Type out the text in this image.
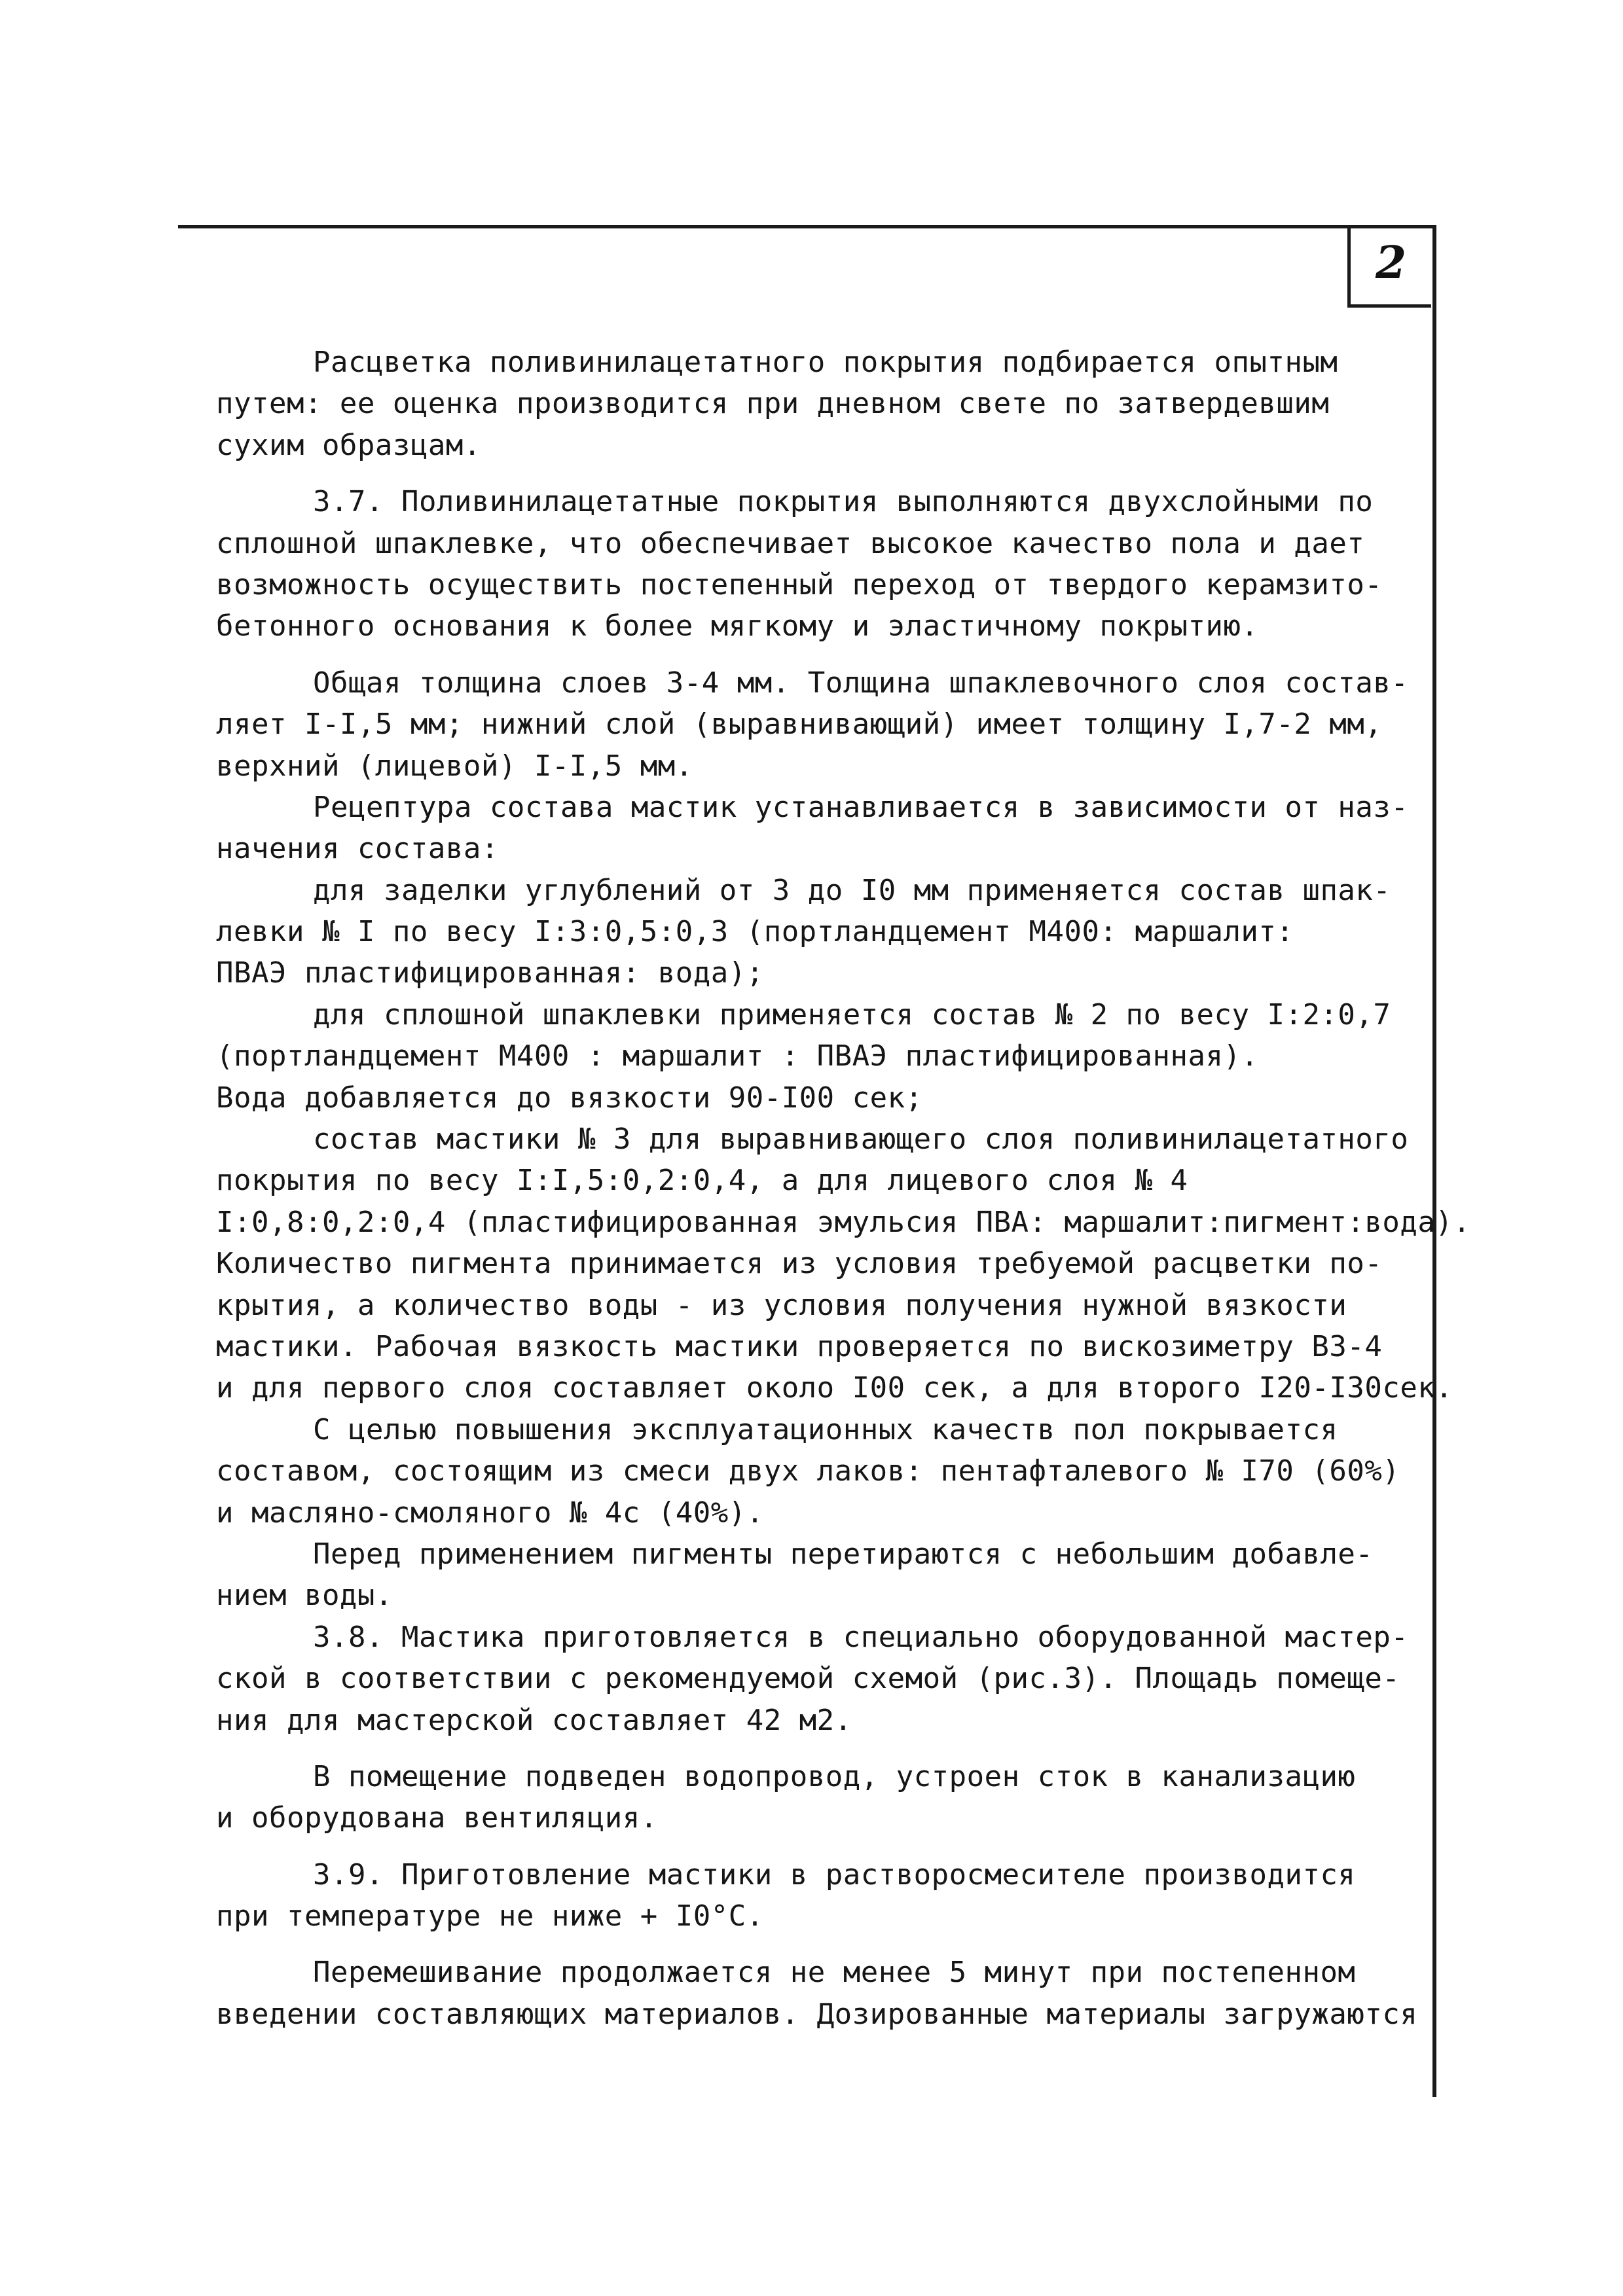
2
Расцветка поливинилацетатного покрытия подбирается опытным
путем: ее оценка производится при дневном свете по затвердевшим
сухим образцам.
3.7. Поливинилацетатные покрытия выполняются двухслойными по
сплошной шпаклевке, что обеспечивает высокое качество пола и дает
возможность осуществить постепенный переход от твердого керамзито-
бетонного основания к более мягкому и эластичному покрытию.
Общая толщина слоев 3-4 мм. Толщина шпаклевочного слоя состав-
ляет I-I,5 мм; нижний слой (выравнивающий) имеет толщину I,7-2 мм,
верхний (лицевой) I-I,5 мм.
Рецептура состава мастик устанавливается в зависимости от наз-
начения состава:
для заделки углублений от 3 до I0 мм применяется состав шпак-
левки № I по весу I:3:0,5:0,3 (портландцемент М400: маршалит:
ПВАЭ пластифицированная: вода);
для сплошной шпаклевки применяется состав № 2 по весу I:2:0,7
(портландцемент М400 : маршалит : ПВАЭ пластифицированная).
Вода добавляется до вязкости 90-I00 сек;
состав мастики № 3 для выравнивающего слоя поливинилацетатного
покрытия по весу I:I,5:0,2:0,4, а для лицевого слоя № 4
I:0,8:0,2:0,4 (пластифицированная эмульсия ПВА: маршалит:пигмент:вода).
Количество пигмента принимается из условия требуемой расцветки по-
крытия, а количество воды - из условия получения нужной вязкости
мастики. Рабочая вязкость мастики проверяется по вискозиметру ВЗ-4
и для первого слоя составляет около I00 сек, а для второго I20-I30сек.
С целью повышения эксплуатационных качеств пол покрывается
составом, состоящим из смеси двух лаков: пентафталевого № I70 (60%)
и масляно-смоляного № 4с (40%).
Перед применением пигменты перетираются с небольшим добавле-
нием воды.
3.8. Мастика приготовляется в специально оборудованной мастер-
ской в соответствии с рекомендуемой схемой (рис.3). Площадь помеще-
ния для мастерской составляет 42 м2.
В помещение подведен водопровод, устроен сток в канализацию
и оборудована вентиляция.
3.9. Приготовление мастики в растворосмесителе производится
при температуре не ниже + I0°С.
Перемешивание продолжается не менее 5 минут при постепенном
введении составляющих материалов. Дозированные материалы загружаются
